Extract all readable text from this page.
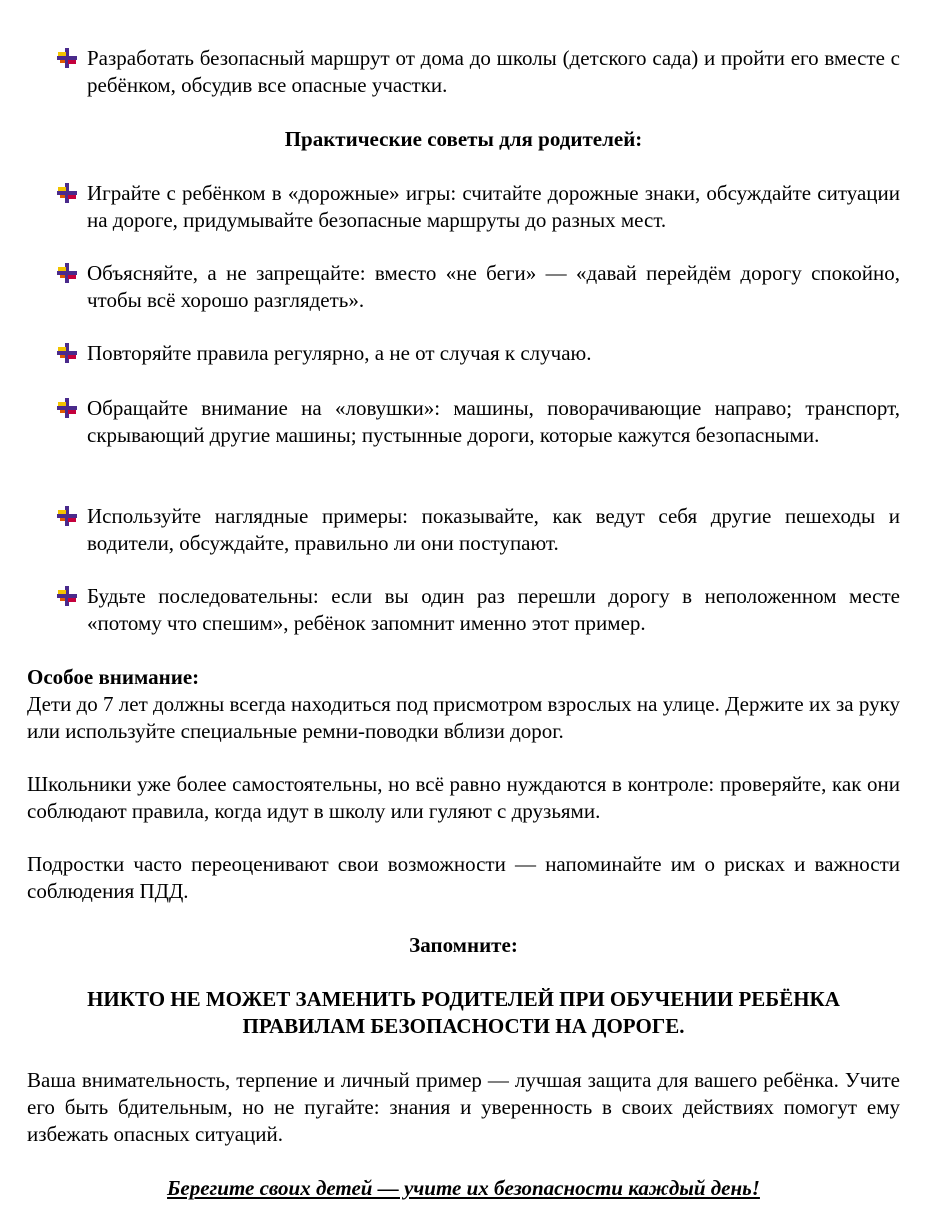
Разработать безопасный маршрут от дома до школы (детского сада) и пройти его вместе с ребёнком, обсудив все опасные участки.
Практические советы для родителей:
Играйте с ребёнком в «дорожные» игры: считайте дорожные знаки, обсуждайте ситуации на дороге, придумывайте безопасные маршруты до разных мест.
Объясняйте, а не запрещайте: вместо «не беги» — «давай перейдём дорогу спокойно, чтобы всё хорошо разглядеть».
Повторяйте правила регулярно, а не от случая к случаю.
Обращайте внимание на «ловушки»: машины, поворачивающие направо; транспорт, скрывающий другие машины; пустынные дороги, которые кажутся безопасными.
Используйте наглядные примеры: показывайте, как ведут себя другие пешеходы и водители, обсуждайте, правильно ли они поступают.
Будьте последовательны: если вы один раз перешли дорогу в неположенном месте «потому что спешим», ребёнок запомнит именно этот пример.
Особое внимание:
Дети до 7 лет должны всегда находиться под присмотром взрослых на улице. Держите их за руку или используйте специальные ремни-поводки вблизи дорог.
Школьники уже более самостоятельны, но всё равно нуждаются в контроле: проверяйте, как они соблюдают правила, когда идут в школу или гуляют с друзьями.
Подростки часто переоценивают свои возможности — напоминайте им о рисках и важности соблюдения ПДД.
Запомните:
НИКТО НЕ МОЖЕТ ЗАМЕНИТЬ РОДИТЕЛЕЙ ПРИ ОБУЧЕНИИ РЕБЁНКА
ПРАВИЛАМ БЕЗОПАСНОСТИ НА ДОРОГЕ.
Ваша внимательность, терпение и личный пример — лучшая защита для вашего ребёнка. Учите его быть бдительным, но не пугайте: знания и уверенность в своих действиях помогут ему избежать опасных ситуаций.
Берегите своих детей — учите их безопасности каждый день!
